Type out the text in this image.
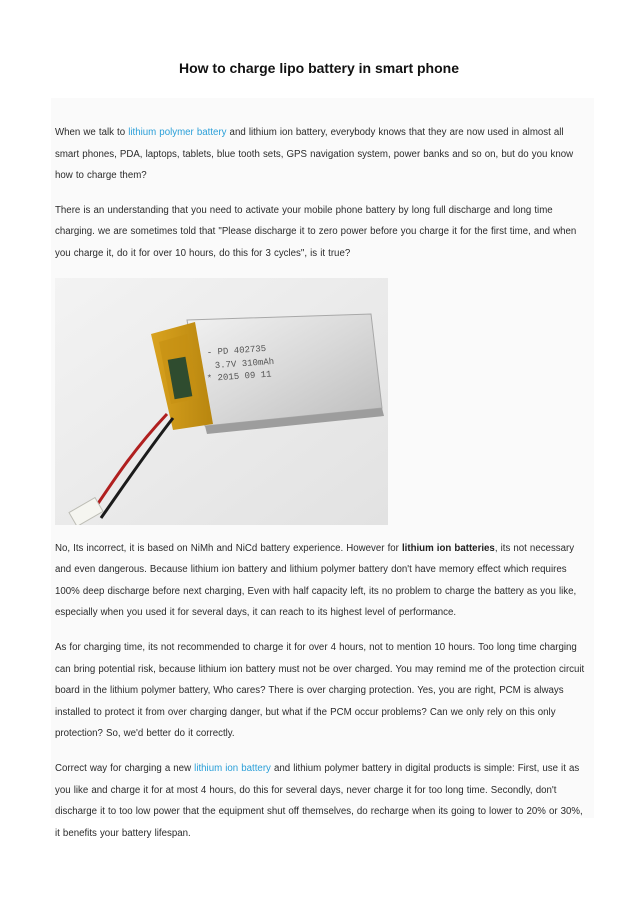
How to charge lipo battery in smart phone

When we talk to lithium polymer battery and lithium ion battery, everybody knows that they are now used in almost all smart phones, PDA, laptops, tablets, blue tooth sets, GPS navigation system, power banks and so on, but do you know how to charge them?

There is an understanding that you need to activate your mobile phone battery by long full discharge and long time charging. we are sometimes told that "Please discharge it to zero power before you charge it for the first time, and when you charge it, do it for over 10 hours, do this for 3 cycles", is it true?

- PD 402735
3.7V 310mAh
* 2015 09 11

No, Its incorrect, it is based on NiMh and NiCd battery experience. However for lithium ion batteries, its not necessary and even dangerous. Because lithium ion battery and lithium polymer battery don't have memory effect which requires 100% deep discharge before next charging, Even with half capacity left, its no problem to charge the battery as you like, especially when you used it for several days, it can reach to its highest level of performance.

As for charging time, its not recommended to charge it for over 4 hours, not to mention 10 hours. Too long time charging can bring potential risk, because lithium ion battery must not be over charged. You may remind me of the protection circuit board in the lithium polymer battery, Who cares? There is over charging protection. Yes, you are right, PCM is always installed to protect it from over charging danger, but what if the PCM occur problems? Can we only rely on this only protection? So, we'd better do it correctly.

Correct way for charging a new lithium ion battery and lithium polymer battery in digital products is simple: First, use it as you like and charge it for at most 4 hours, do this for several days, never charge it for too long time. Secondly, don't discharge it to too low power that the equipment shut off themselves, do recharge when its going to lower to 20% or 30%, it benefits your battery lifespan.
